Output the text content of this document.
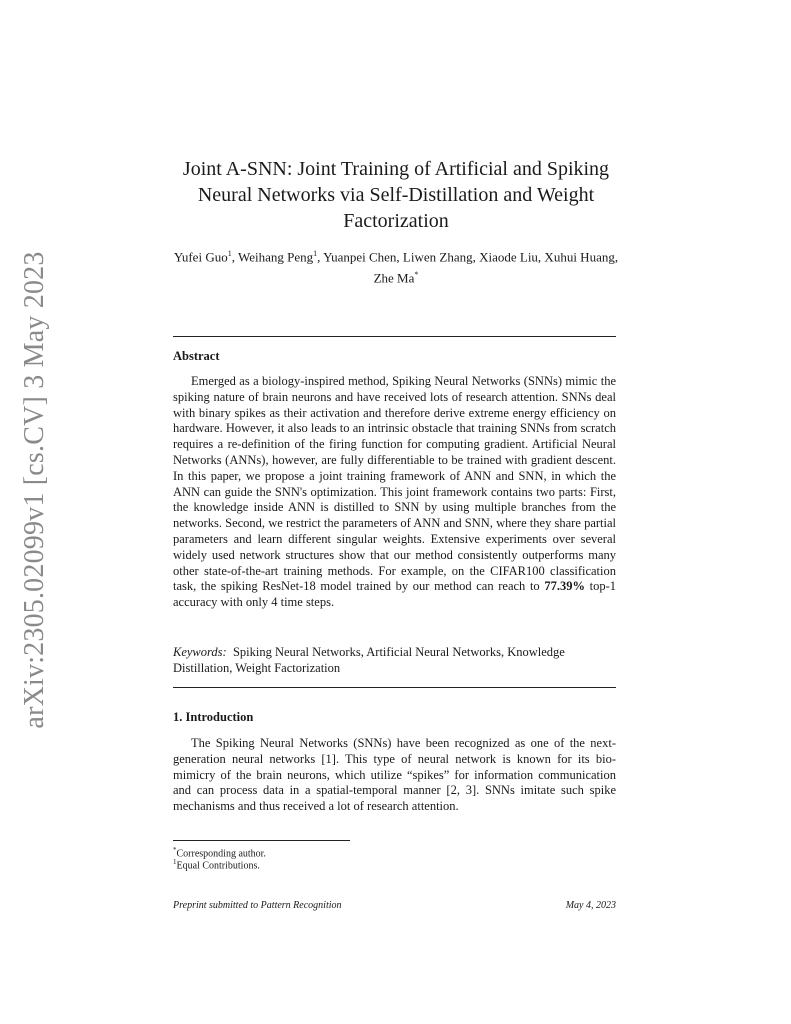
arXiv:2305.02099v1 [cs.CV] 3 May 2023
Joint A-SNN: Joint Training of Artificial and Spiking Neural Networks via Self-Distillation and Weight Factorization
Yufei Guo$^1$, Weihang Peng$^1$, Yuanpei Chen, Liwen Zhang, Xiaode Liu, Xuhui Huang, Zhe Ma*
Abstract

Emerged as a biology-inspired method, Spiking Neural Networks (SNNs) mimic the spiking nature of brain neurons and have received lots of research attention. SNNs deal with binary spikes as their activation and therefore derive extreme energy efficiency on hardware. However, it also leads to an intrinsic obstacle that training SNNs from scratch requires a re-definition of the firing function for computing gradient. Artificial Neural Networks (ANNs), however, are fully differentiable to be trained with gradient descent. In this paper, we propose a joint training framework of ANN and SNN, in which the ANN can guide the SNN's optimization. This joint framework contains two parts: First, the knowledge inside ANN is distilled to SNN by using multiple branches from the networks. Second, we restrict the parameters of ANN and SNN, where they share partial parameters and learn different singular weights. Extensive experiments over several widely used network structures show that our method consistently outperforms many other state-of-the-art training methods. For example, on the CIFAR100 classification task, the spiking ResNet-18 model trained by our method can reach to 77.39% top-1 accuracy with only 4 time steps.

Keywords: Spiking Neural Networks, Artificial Neural Networks, Knowledge Distillation, Weight Factorization

1. Introduction

The Spiking Neural Networks (SNNs) have been recognized as one of the next-generation neural networks [1]. This type of neural network is known for its bio-mimicry of the brain neurons, which utilize “spikes” for information communication and can process data in a spatial-temporal manner [2, 3]. SNNs imitate such spike mechanisms and thus received a lot of research attention.

*Corresponding author.
$^1$Equal Contributions.
Preprint submitted to Pattern Recognition	May 4, 2023
